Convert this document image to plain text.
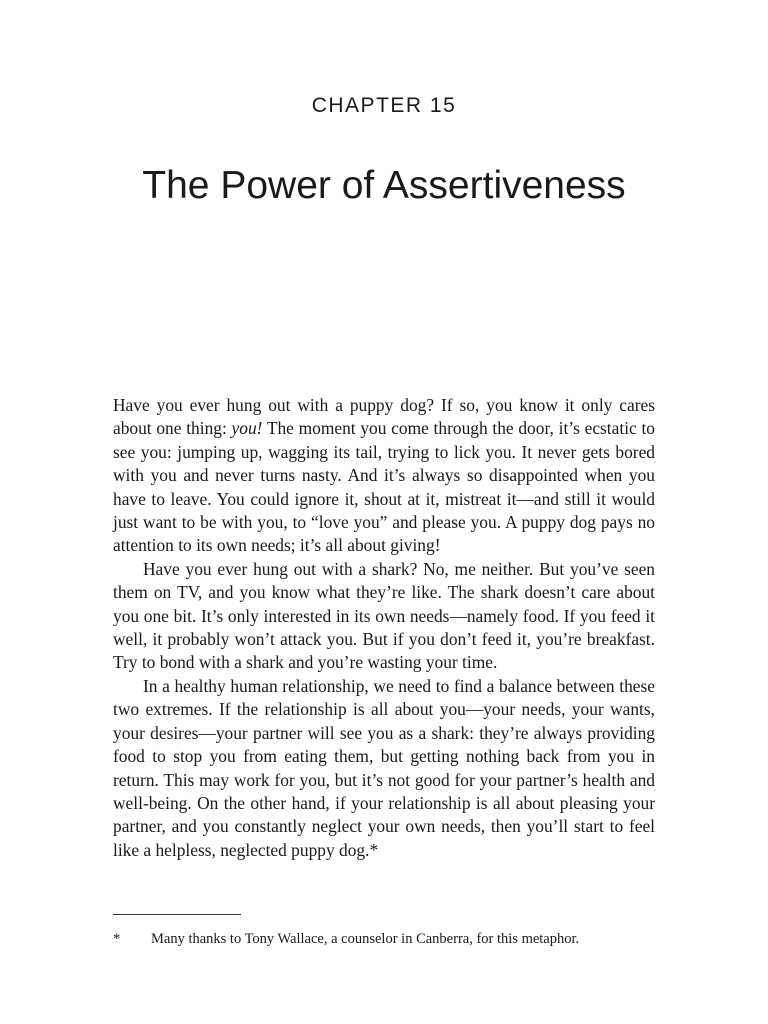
CHAPTER 15
The Power of Assertiveness

Have you ever hung out with a puppy dog? If so, you know it only cares about one thing: you! The moment you come through the door, it’s ecstatic to see you: jumping up, wagging its tail, trying to lick you. It never gets bored with you and never turns nasty. And it’s always so disappointed when you have to leave. You could ignore it, shout at it, mistreat it—and still it would just want to be with you, to “love you” and please you. A puppy dog pays no attention to its own needs; it’s all about giving!

Have you ever hung out with a shark? No, me neither. But you’ve seen them on TV, and you know what they’re like. The shark doesn’t care about you one bit. It’s only interested in its own needs—namely food. If you feed it well, it probably won’t attack you. But if you don’t feed it, you’re breakfast. Try to bond with a shark and you’re wasting your time.

In a healthy human relationship, we need to find a balance between these two extremes. If the relationship is all about you—your needs, your wants, your desires—your partner will see you as a shark: they’re always providing food to stop you from eating them, but getting nothing back from you in return. This may work for you, but it’s not good for your partner’s health and well-being. On the other hand, if your relationship is all about pleasing your partner, and you constantly neglect your own needs, then you’ll start to feel like a helpless, neglected puppy dog.*

* Many thanks to Tony Wallace, a counselor in Canberra, for this metaphor.
